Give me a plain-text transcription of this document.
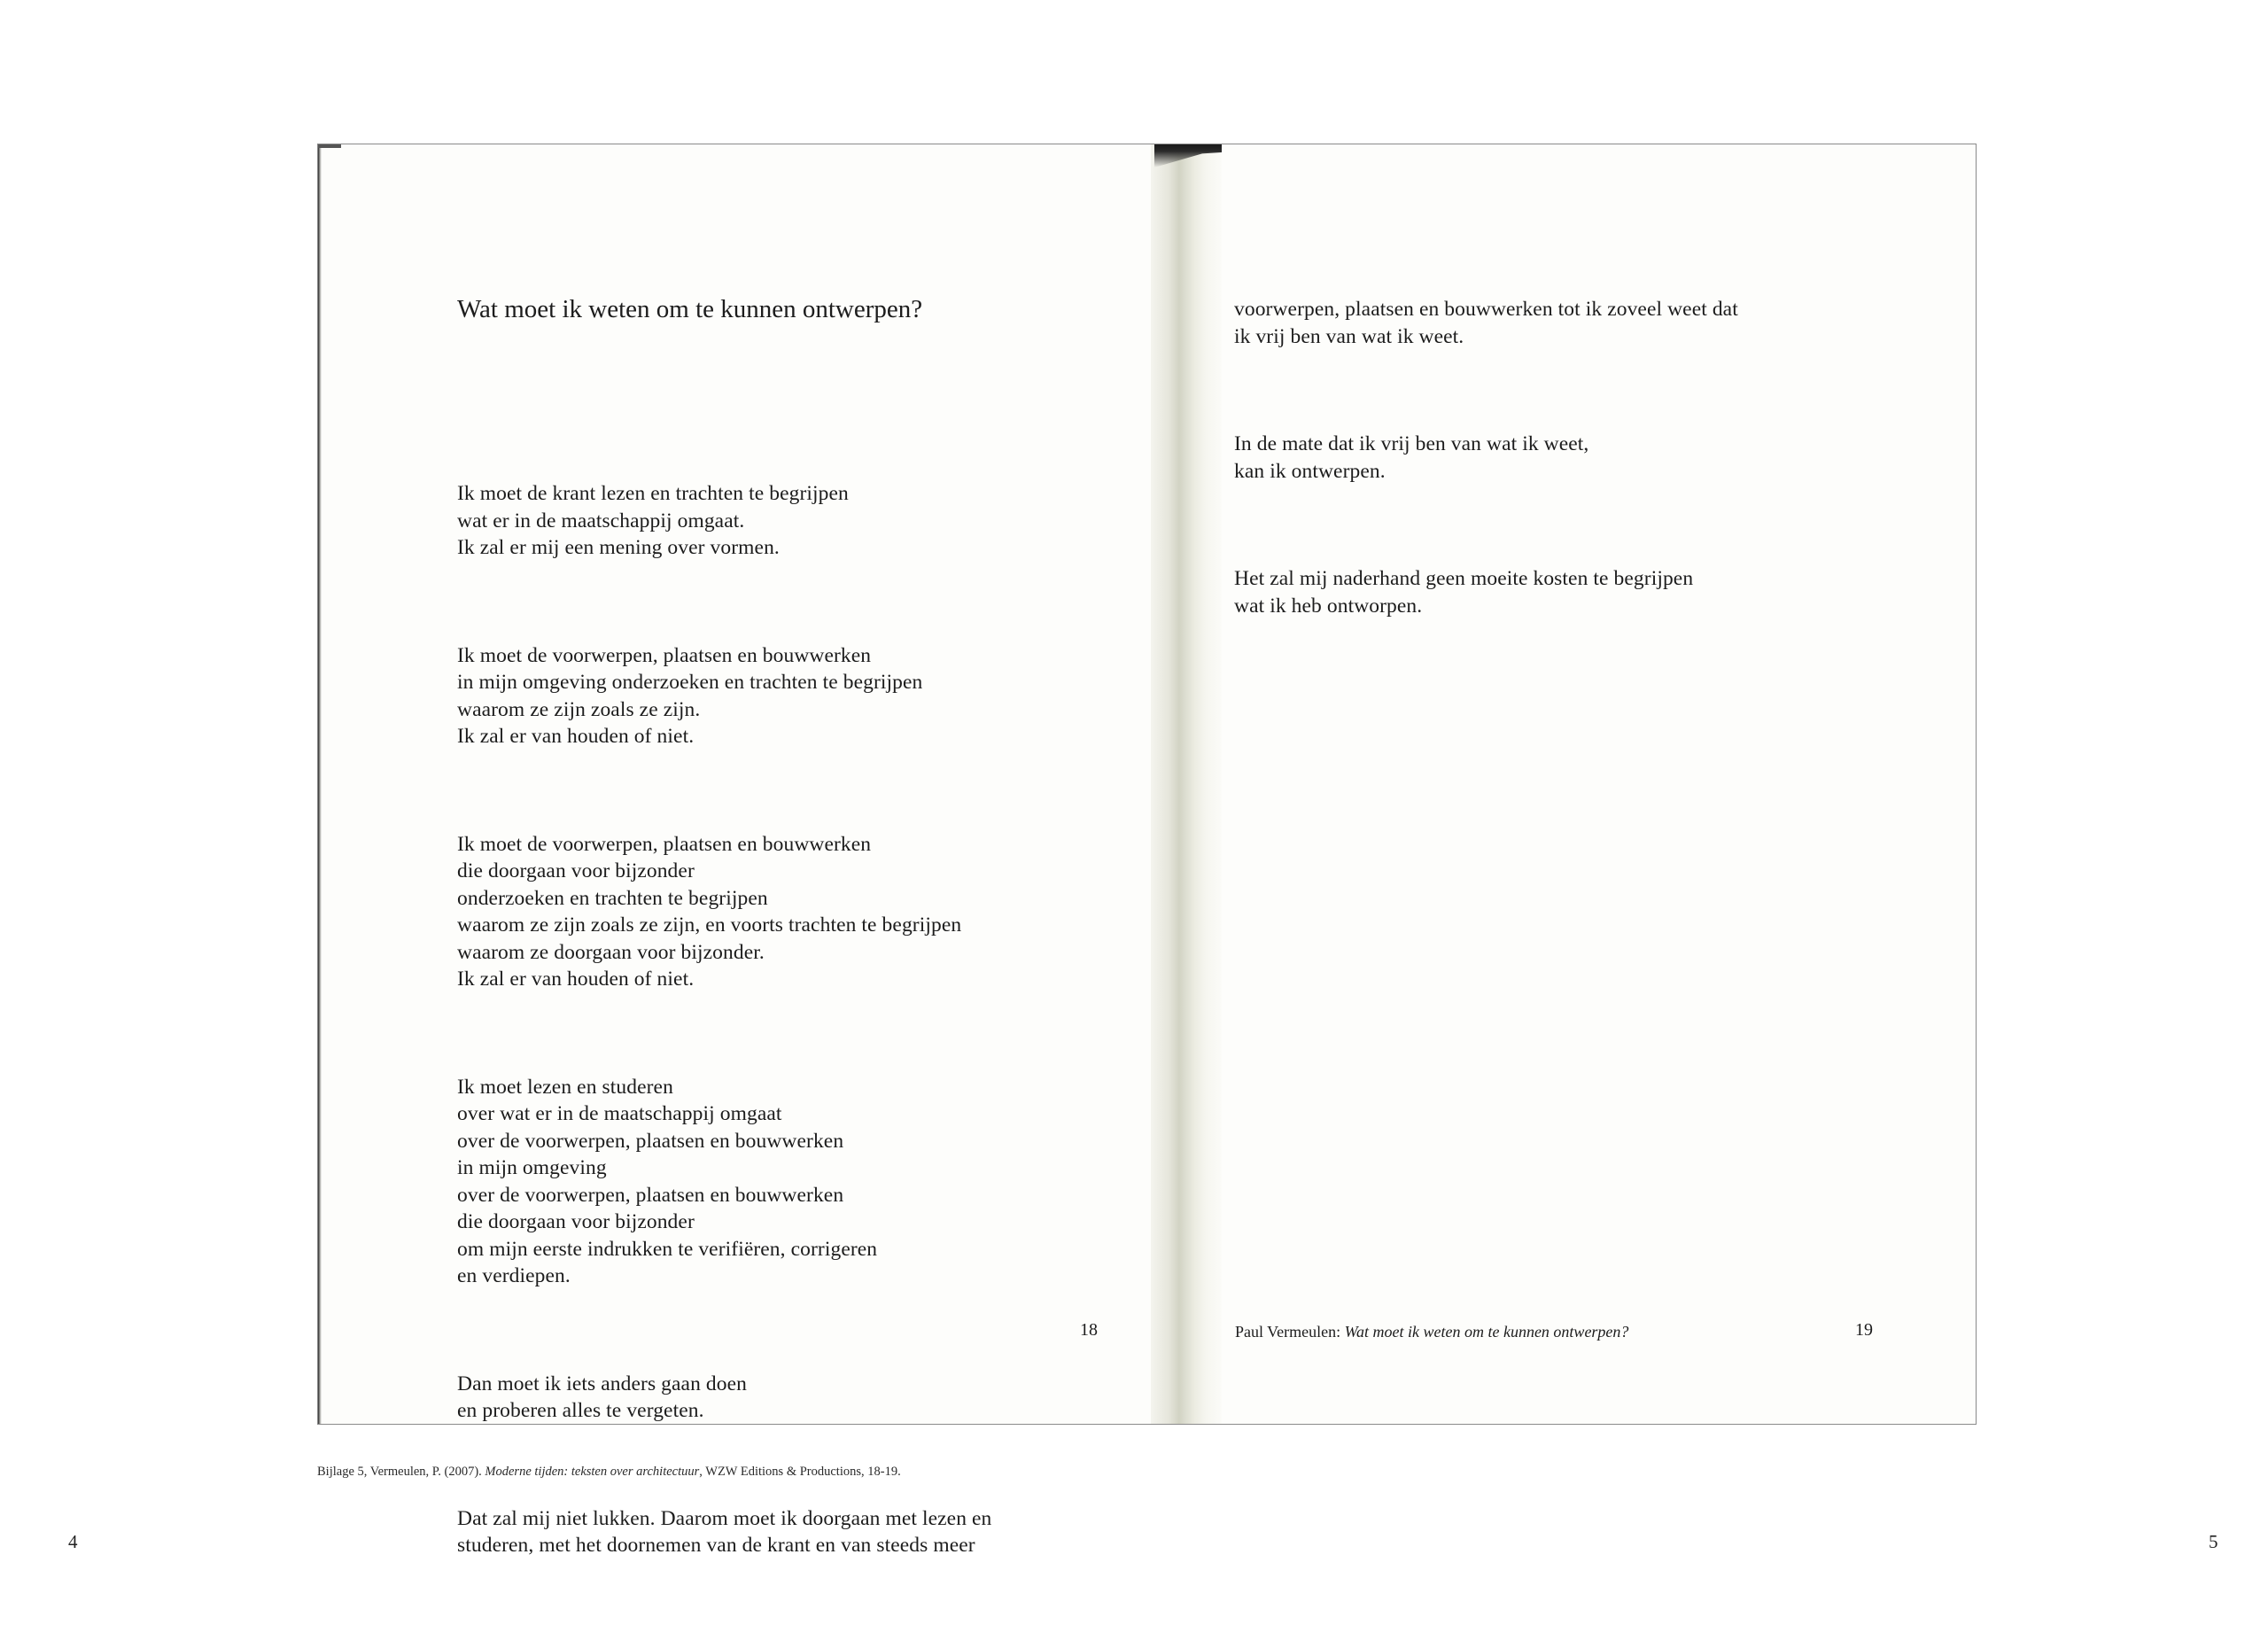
Wat moet ik weten om te kunnen ontwerpen?

Ik moet de krant lezen en trachten te begrijpen
wat er in de maatschappij omgaat.
Ik zal er mij een mening over vormen.

Ik moet de voorwerpen, plaatsen en bouwwerken
in mijn omgeving onderzoeken en trachten te begrijpen
waarom ze zijn zoals ze zijn.
Ik zal er van houden of niet.

Ik moet de voorwerpen, plaatsen en bouwwerken
die doorgaan voor bijzonder
onderzoeken en trachten te begrijpen
waarom ze zijn zoals ze zijn, en voorts trachten te begrijpen
waarom ze doorgaan voor bijzonder.
Ik zal er van houden of niet.

Ik moet lezen en studeren
over wat er in de maatschappij omgaat
over de voorwerpen, plaatsen en bouwwerken
in mijn omgeving
over de voorwerpen, plaatsen en bouwwerken
die doorgaan voor bijzonder
om mijn eerste indrukken te verifiëren, corrigeren
en verdiepen.

Dan moet ik iets anders gaan doen
en proberen alles te vergeten.

Dat zal mij niet lukken. Daarom moet ik doorgaan met lezen en
studeren, met het doornemen van de krant en van steeds meer

18

voorwerpen, plaatsen en bouwwerken tot ik zoveel weet dat
ik vrij ben van wat ik weet.

In de mate dat ik vrij ben van wat ik weet,
kan ik ontwerpen.

Het zal mij naderhand geen moeite kosten te begrijpen
wat ik heb ontworpen.

Paul Vermeulen: Wat moet ik weten om te kunnen ontwerpen?	19
Bijlage 5, Vermeulen, P. (2007). Moderne tijden: teksten over architectuur, WZW Editions & Productions, 18-19.
4	5
